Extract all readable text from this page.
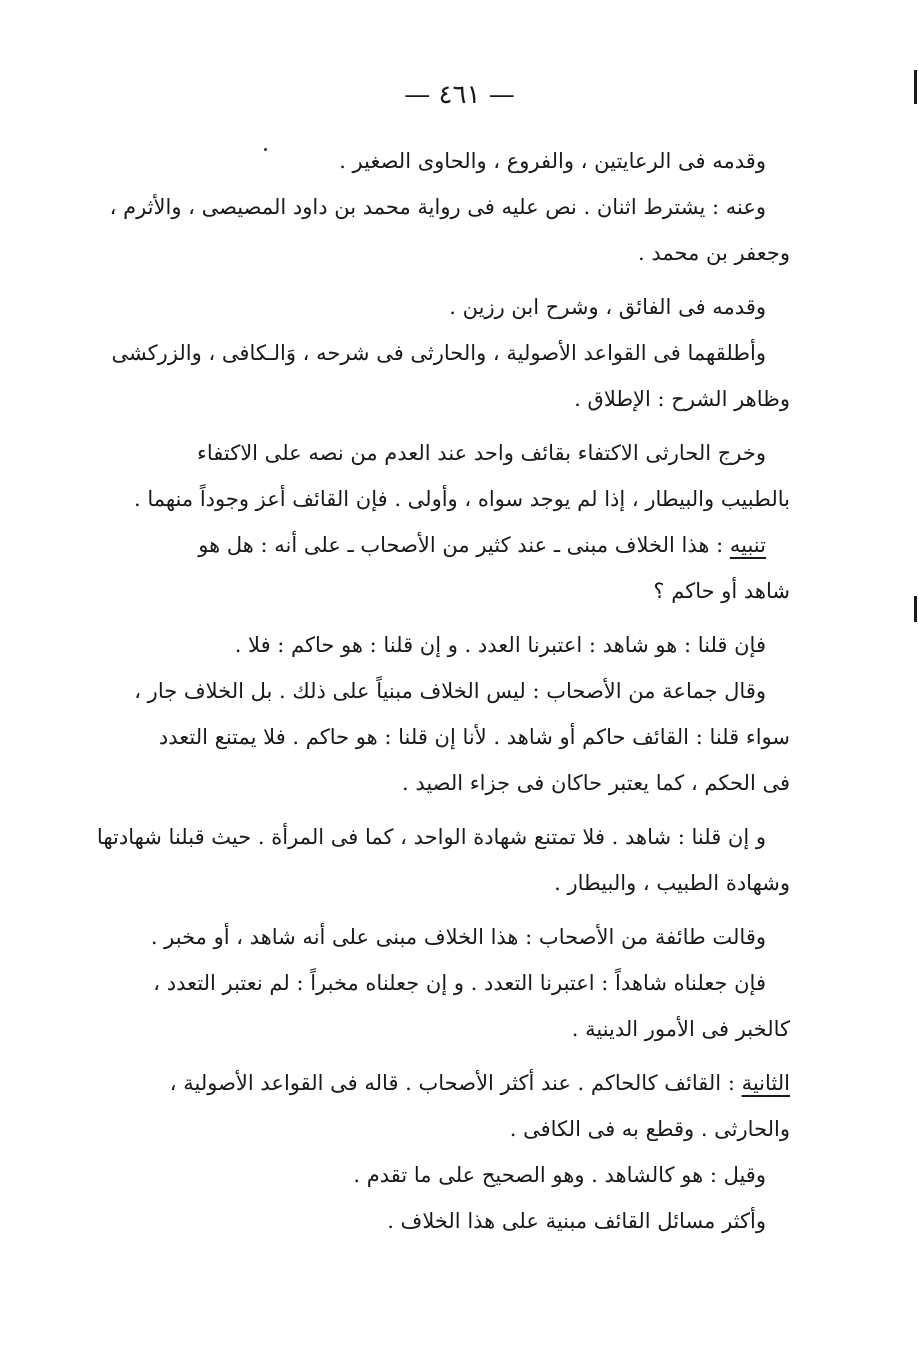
— ٤٦١ —
وقدمه فى الرعايتين ، والفروع ، والحاوى الصغير .
وعنه : يشترط اثنان . نص عليه فى رواية محمد بن داود المصيصى ، والأثرم ،
وجعفر بن محمد .
وقدمه فى الفائق ، وشرح ابن رزين .
وأطلقهما فى القواعد الأصولية ، والحارثى فى شرحه ، وَالـكافى ، والزركشى
وظاهر الشرح : الإطلاق .
وخرج الحارثى الاكتفاء بقائف واحد عند العدم من نصه على الاكتفاء
بالطبيب والبيطار ، إذا لم يوجد سواه ، وأولى . فإن القائف أعز وجوداً منهما .
تنبيه : هذا الخلاف مبنى ـ عند كثير من الأصحاب ـ على أنه : هل هو
شاهد أو حاكم ؟
فإن قلنا : هو شاهد : اعتبرنا العدد . و إن قلنا : هو حاكم : فلا .
وقال جماعة من الأصحاب : ليس الخلاف مبنياً على ذلك . بل الخلاف جار ،
سواء قلنا : القائف حاكم أو شاهد . لأنا إن قلنا : هو حاكم . فلا يمتنع التعدد
فى الحكم ، كما يعتبر حاكان فى جزاء الصيد .
و إن قلنا : شاهد . فلا تمتنع شهادة الواحد ، كما فى المرأة . حيث قبلنا شهادتها
وشهادة الطبيب ، والبيطار .
وقالت طائفة من الأصحاب : هذا الخلاف مبنى على أنه شاهد ، أو مخبر .
فإن جعلناه شاهداً : اعتبرنا التعدد . و إن جعلناه مخبراً : لم نعتبر التعدد ،
كالخبر فى الأمور الدينية .
الثانية : القائف كالحاكم . عند أكثر الأصحاب . قاله فى القواعد الأصولية ،
والحارثى . وقطع به فى الكافى .
وقيل : هو كالشاهد . وهو الصحيح على ما تقدم .
وأكثر مسائل القائف مبنية على هذا الخلاف .
